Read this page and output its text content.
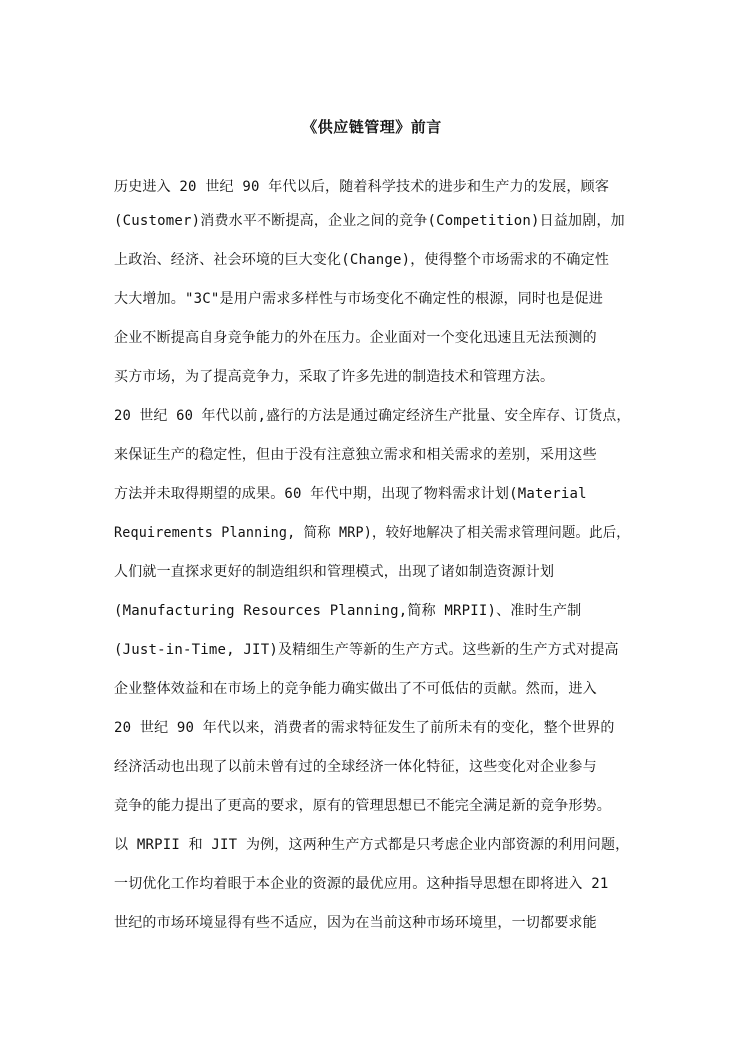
《供应链管理》前言
历史进入 20 世纪 90 年代以后，随着科学技术的进步和生产力的发展，顾客
(Customer)消费水平不断提高，企业之间的竞争(Competition)日益加剧，加
上政治、经济、社会环境的巨大变化(Change)，使得整个市场需求的不确定性
大大增加。"3C"是用户需求多样性与市场变化不确定性的根源，同时也是促进
企业不断提高自身竞争能力的外在压力。企业面对一个变化迅速且无法预测的
买方市场，为了提高竞争力，采取了许多先进的制造技术和管理方法。
20 世纪 60 年代以前,盛行的方法是通过确定经济生产批量、安全库存、订货点，
来保证生产的稳定性，但由于没有注意独立需求和相关需求的差别，采用这些
方法并未取得期望的成果。60 年代中期，出现了物料需求计划(Material
Requirements Planning, 简称 MRP)，较好地解决了相关需求管理问题。此后，
人们就一直探求更好的制造组织和管理模式，出现了诸如制造资源计划
(Manufacturing Resources Planning,简称 MRPII)、准时生产制
(Just-in-Time, JIT)及精细生产等新的生产方式。这些新的生产方式对提高
企业整体效益和在市场上的竞争能力确实做出了不可低估的贡献。然而，进入
20 世纪 90 年代以来，消费者的需求特征发生了前所未有的变化，整个世界的
经济活动也出现了以前未曾有过的全球经济一体化特征，这些变化对企业参与
竞争的能力提出了更高的要求，原有的管理思想已不能完全满足新的竞争形势。
以 MRPII 和 JIT 为例，这两种生产方式都是只考虑企业内部资源的利用问题，
一切优化工作均着眼于本企业的资源的最优应用。这种指导思想在即将进入 21
世纪的市场环境显得有些不适应，因为在当前这种市场环境里，一切都要求能
